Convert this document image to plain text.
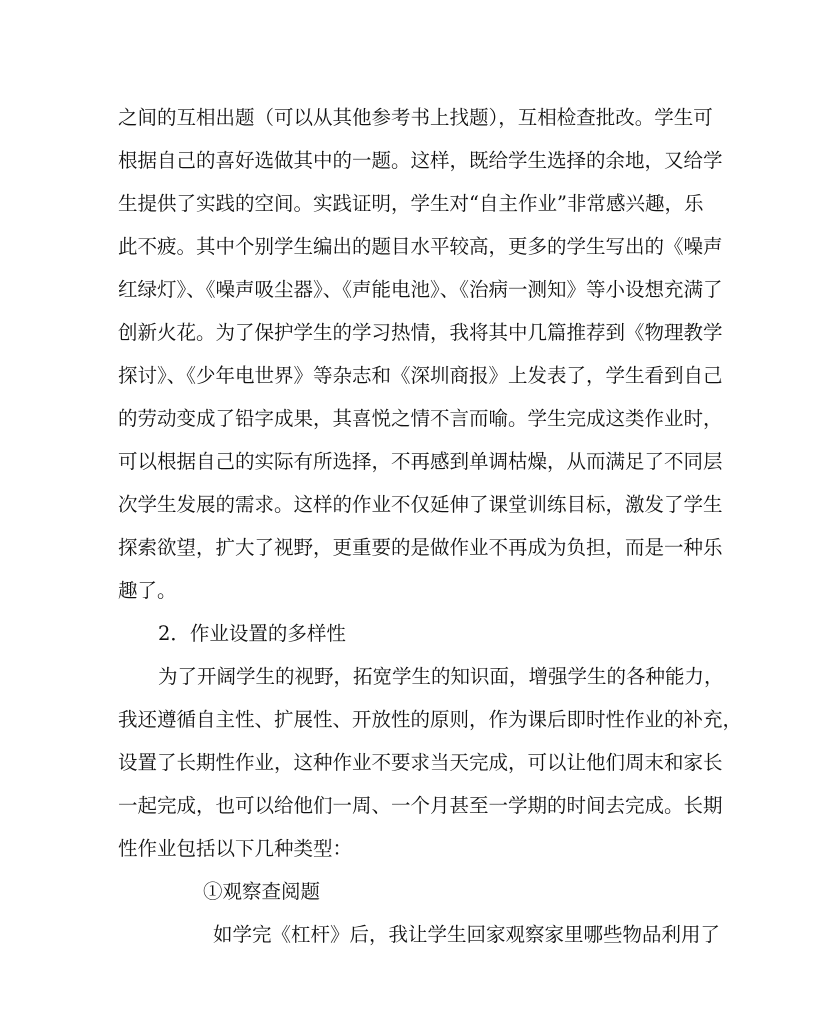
之间的互相出题（可以从其他参考书上找题），互相检查批改。学生可
根据自己的喜好选做其中的一题。这样，既给学生选择的余地，又给学
生提供了实践的空间。实践证明，学生对“自主作业”非常感兴趣，乐
此不疲。其中个别学生编出的题目水平较高，更多的学生写出的《噪声
红绿灯》、《噪声吸尘器》、《声能电池》、《治病一测知》等小设想充满了
创新火花。为了保护学生的学习热情，我将其中几篇推荐到《物理教学
探讨》、《少年电世界》等杂志和《深圳商报》上发表了，学生看到自己
的劳动变成了铅字成果，其喜悦之情不言而喻。学生完成这类作业时，
可以根据自己的实际有所选择，不再感到单调枯燥，从而满足了不同层
次学生发展的需求。这样的作业不仅延伸了课堂训练目标，激发了学生
探索欲望，扩大了视野，更重要的是做作业不再成为负担，而是一种乐
趣了。
2．作业设置的多样性
为了开阔学生的视野，拓宽学生的知识面，增强学生的各种能力，
我还遵循自主性、扩展性、开放性的原则，作为课后即时性作业的补充，
设置了长期性作业，这种作业不要求当天完成，可以让他们周末和家长
一起完成，也可以给他们一周、一个月甚至一学期的时间去完成。长期
性作业包括以下几种类型：
①观察查阅题
如学完《杠杆》后，我让学生回家观察家里哪些物品利用了
